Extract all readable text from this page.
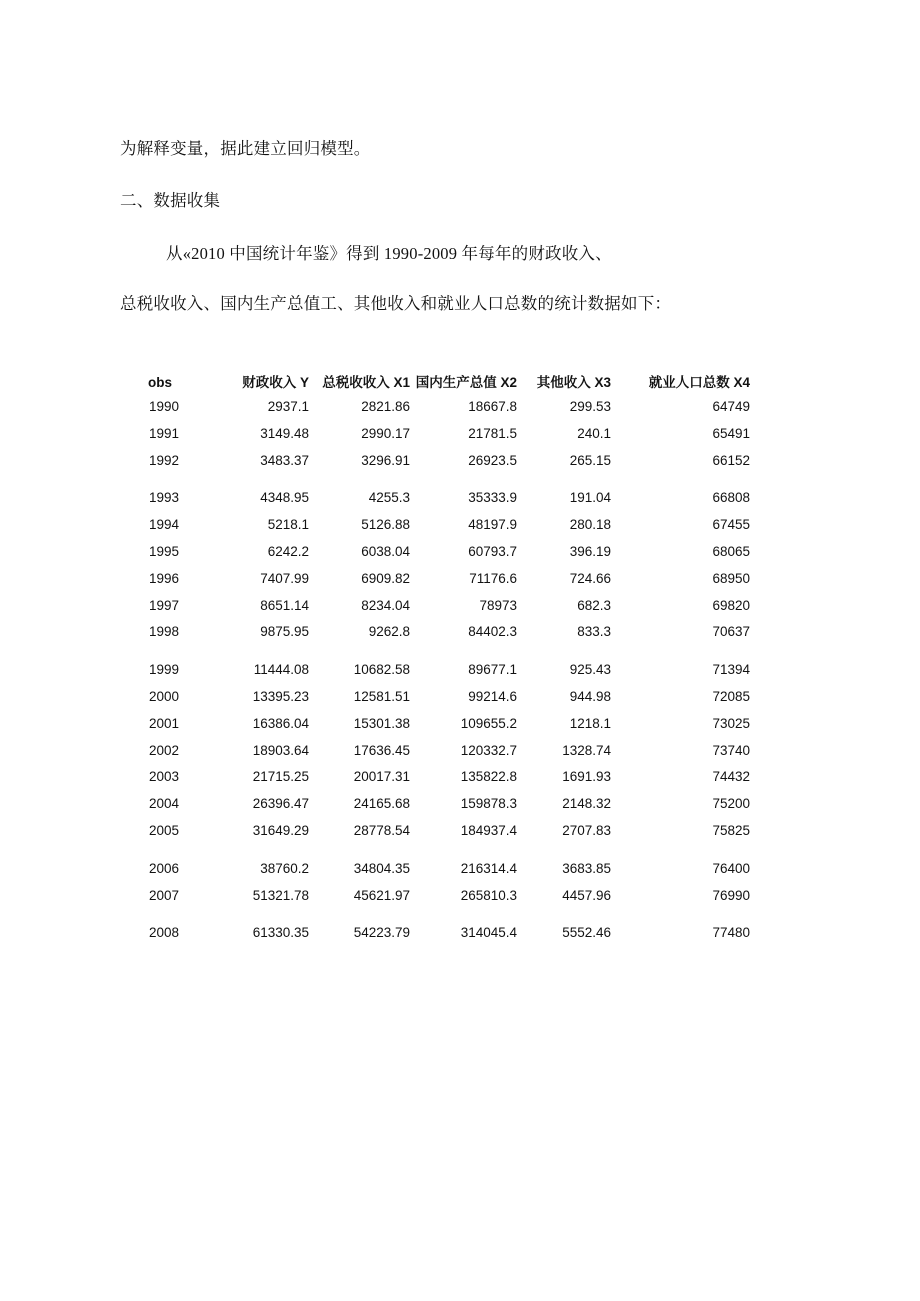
为解释变量，据此建立回归模型。

二、数据收集

从«2010 中国统计年鉴》得到 1990-2009 年每年的财政收入、

总税收收入、国内生产总值工、其他收入和就业人口总数的统计数据如下：

obs	财政收入 Y	总税收收入 X1	国内生产总值 X2	其他收入 X3	就业人口总数 X4
1990	2937.1	2821.86	18667.8	299.53	64749
1991	3149.48	2990.17	21781.5	240.1	65491
1992	3483.37	3296.91	26923.5	265.15	66152
1993	4348.95	4255.3	35333.9	191.04	66808
1994	5218.1	5126.88	48197.9	280.18	67455
1995	6242.2	6038.04	60793.7	396.19	68065
1996	7407.99	6909.82	71176.6	724.66	68950
1997	8651.14	8234.04	78973	682.3	69820
1998	9875.95	9262.8	84402.3	833.3	70637
1999	11444.08	10682.58	89677.1	925.43	71394
2000	13395.23	12581.51	99214.6	944.98	72085
2001	16386.04	15301.38	109655.2	1218.1	73025
2002	18903.64	17636.45	120332.7	1328.74	73740
2003	21715.25	20017.31	135822.8	1691.93	74432
2004	26396.47	24165.68	159878.3	2148.32	75200
2005	31649.29	28778.54	184937.4	2707.83	75825
2006	38760.2	34804.35	216314.4	3683.85	76400
2007	51321.78	45621.97	265810.3	4457.96	76990
2008	61330.35	54223.79	314045.4	5552.46	77480
